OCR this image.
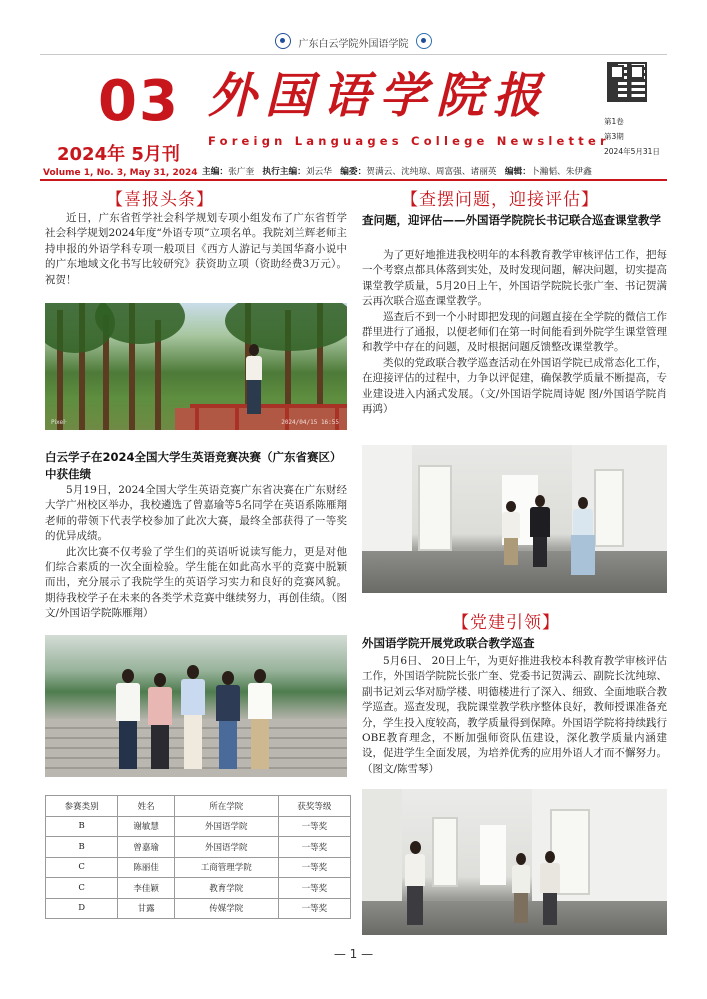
广东白云学院外国语学院
03
2024年 5月刊
Volume 1, No. 3, May 31, 2024
外国语学院报
Foreign Languages College Newsletter
第1卷
第3期
2024年5月31日
主编：张广奎 执行主编：刘云华 编委：贺满云、沈纯琼、周富强、诸丽英 编辑：卜瀚韬、朱伊鑫
【喜报头条】

近日，广东省哲学社会科学规划专项小组发布了广东省哲学社会科学规划2024年度“外语专项”立项名单。我院刘兰辉老师主持申报的外语学科专项一般项目《西方人游记与美国华裔小说中的广东地域文化书写比较研究》获资助立项（资助经费3万元）。祝贺！

Pixel·	2024/04/15 16:55
白云学子在2024全国大学生英语竞赛决赛（广东省赛区）中获佳绩

5月19日，2024全国大学生英语竞赛广东省决赛在广东财经大学广州校区举办，我校遴选了曾嘉瑜等5名同学在英语系陈雁翔老师的带领下代表学校参加了此次大赛，最终全部获得了一等奖的优异成绩。

此次比赛不仅考验了学生们的英语听说读写能力，更是对他们综合素质的一次全面检验。学生能在如此高水平的竞赛中脱颖而出，充分展示了我院学生的英语学习实力和良好的竞赛风貌。期待我校学子在未来的各类学术竞赛中继续努力，再创佳绩。（图文/外国语学院陈雁翔）

参赛类别	姓名	所在学院	获奖等级
B	谢敏慧	外国语学院	一等奖
B	曾嘉瑜	外国语学院	一等奖
C	陈丽佳	工商管理学院	一等奖
C	李佳颖	教育学院	一等奖
D	甘露	传媒学院	一等奖
【查摆问题，迎接评估】
查问题，迎评估——外国语学院院长书记联合巡查课堂教学

为了更好地推进我校明年的本科教育教学审核评估工作，把每一个考察点都具体落到实处，及时发现问题，解决问题，切实提高课堂教学质量，5月20日上午，外国语学院院长张广奎、书记贺满云再次联合巡查课堂教学。

巡查后不到一个小时即把发现的问题直接在全学院的微信工作群里进行了通报，以便老师们在第一时间能看到外院学生课堂管理和教学中存在的问题，及时根据问题反馈整改课堂教学。

类似的党政联合教学巡查活动在外国语学院已成常态化工作，在迎接评估的过程中，力争以评促建，确保教学质量不断提高，专业建设进入内涵式发展。（文/外国语学院周诗妮 图/外国语学院肖再鸿）

【党建引领】
外国语学院开展党政联合教学巡查

5月6日、 20日上午，为更好推进我校本科教育教学审核评估工作，外国语学院院长张广奎、党委书记贺满云、副院长沈纯琼、副书记刘云华对励学楼、明德楼进行了深入、细致、全面地联合教学巡查。巡查发现，我院课堂教学秩序整体良好，教师授课准备充分，学生投入度较高，教学质量得到保障。外国语学院将持续践行OBE教育理念，不断加强师资队伍建设，深化教学质量内涵建设，促进学生全面发展，为培养优秀的应用外语人才而不懈努力。（图文/陈雪琴）

— 1 —
